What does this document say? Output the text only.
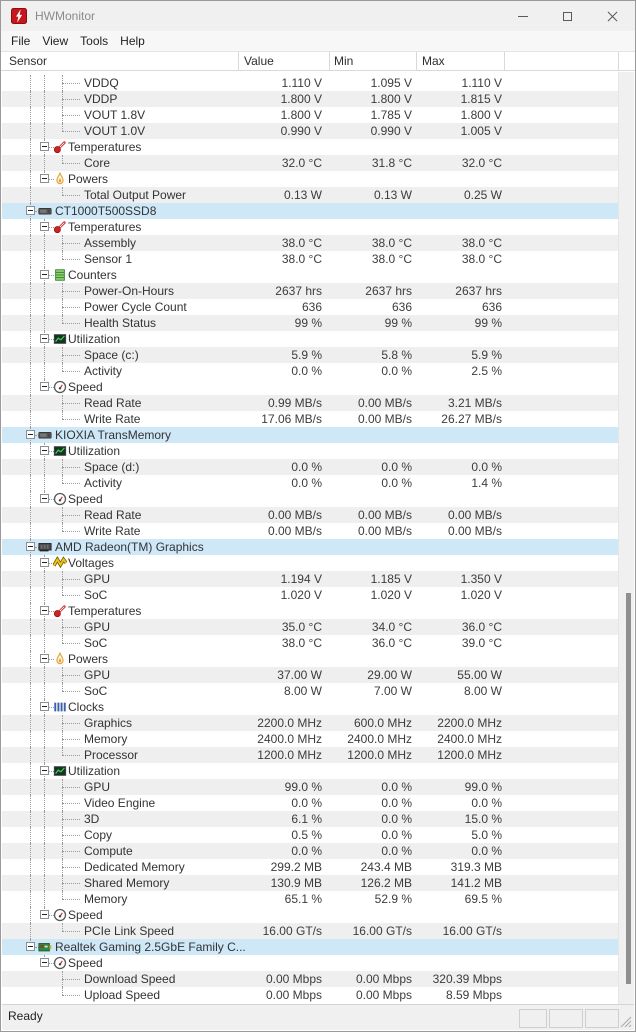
HWMonitor
File	View	Tools	Help
Sensor	Value	Min	Max
VDDQ	1.110 V	1.095 V	1.110 V
VDDP	1.800 V	1.800 V	1.815 V
VOUT 1.8V	1.800 V	1.785 V	1.800 V
VOUT 1.0V	0.990 V	0.990 V	1.005 V
Temperatures
Core	32.0 °C	31.8 °C	32.0 °C
Powers
Total Output Power	0.13 W	0.13 W	0.25 W
CT1000T500SSD8
Temperatures
Assembly	38.0 °C	38.0 °C	38.0 °C
Sensor 1	38.0 °C	38.0 °C	38.0 °C
Counters
Power-On-Hours	2637 hrs	2637 hrs	2637 hrs
Power Cycle Count	636	636	636
Health Status	99 %	99 %	99 %
Utilization
Space (c:)	5.9 %	5.8 %	5.9 %
Activity	0.0 %	0.0 %	2.5 %
Speed
Read Rate	0.99 MB/s	0.00 MB/s	3.21 MB/s
Write Rate	17.06 MB/s	0.00 MB/s	26.27 MB/s
KIOXIA TransMemory
Utilization
Space (d:)	0.0 %	0.0 %	0.0 %
Activity	0.0 %	0.0 %	1.4 %
Speed
Read Rate	0.00 MB/s	0.00 MB/s	0.00 MB/s
Write Rate	0.00 MB/s	0.00 MB/s	0.00 MB/s
AMD Radeon(TM) Graphics
Voltages
GPU	1.194 V	1.185 V	1.350 V
SoC	1.020 V	1.020 V	1.020 V
Temperatures
GPU	35.0 °C	34.0 °C	36.0 °C
SoC	38.0 °C	36.0 °C	39.0 °C
Powers
GPU	37.00 W	29.00 W	55.00 W
SoC	8.00 W	7.00 W	8.00 W
Clocks
Graphics	2200.0 MHz	600.0 MHz	2200.0 MHz
Memory	2400.0 MHz	2400.0 MHz	2400.0 MHz
Processor	1200.0 MHz	1200.0 MHz	1200.0 MHz
Utilization
GPU	99.0 %	0.0 %	99.0 %
Video Engine	0.0 %	0.0 %	0.0 %
3D	6.1 %	0.0 %	15.0 %
Copy	0.5 %	0.0 %	5.0 %
Compute	0.0 %	0.0 %	0.0 %
Dedicated Memory	299.2 MB	243.4 MB	319.3 MB
Shared Memory	130.9 MB	126.2 MB	141.2 MB
Memory	65.1 %	52.9 %	69.5 %
Speed
PCIe Link Speed	16.00 GT/s	16.00 GT/s	16.00 GT/s
Realtek Gaming 2.5GbE Family C...
Speed
Download Speed	0.00 Mbps	0.00 Mbps	320.39 Mbps
Upload Speed	0.00 Mbps	0.00 Mbps	8.59 Mbps
Ready
